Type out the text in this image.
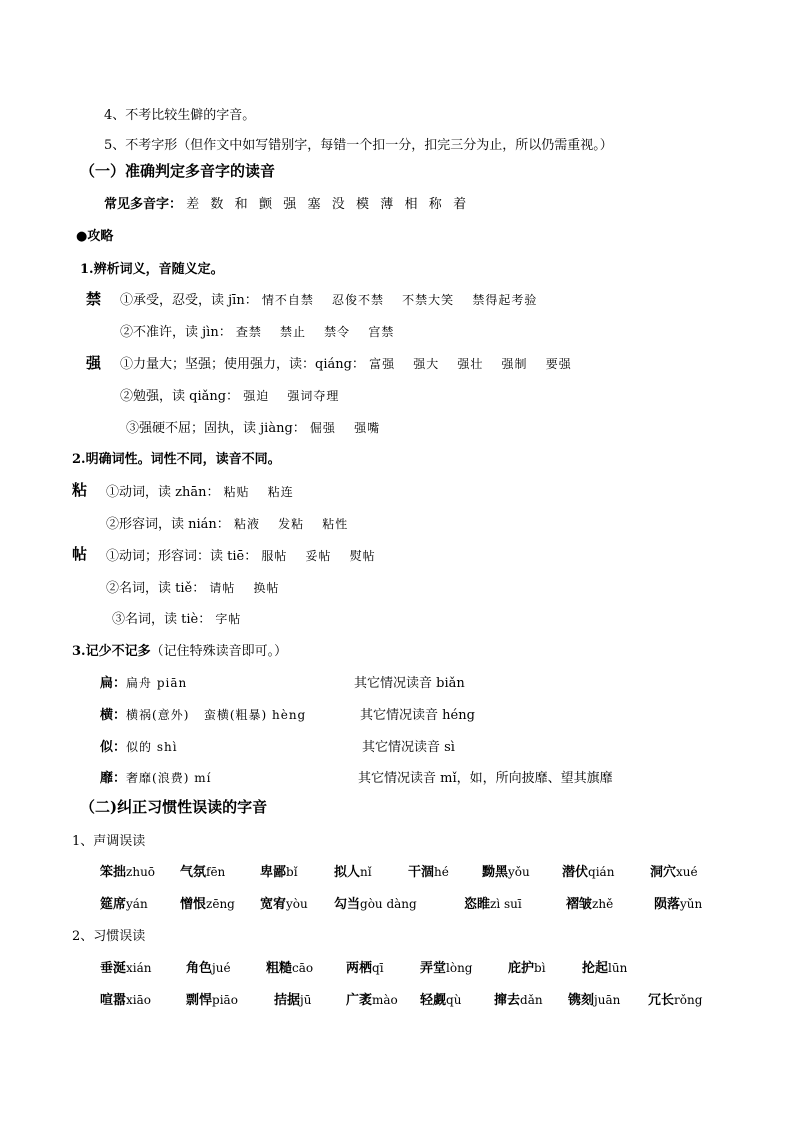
4、不考比较生僻的字音。
5、不考字形（但作文中如写错别字，每错一个扣一分，扣完三分为止，所以仍需重视。）
（一）准确判定多音字的读音
常见多音字： 差  数  和  颤  强  塞  没  模  薄  相  称  着
●攻略
1.辨析词义，音随义定。
禁 ①承受，忍受，读 jīn： 情不自禁 忍俊不禁 不禁大笑 禁得起考验
②不准许，读 jìn： 查禁 禁止 禁令 宫禁
强 ①力量大；坚强；使用强力，读：qiáng： 富强 强大 强壮 强制 要强
②勉强，读 qiǎng： 强迫 强词夺理
③强硬不屈；固执，读 jiàng： 倔强 强嘴
2.明确词性。词性不同，读音不同。
粘 ①动词，读 zhān： 粘贴 粘连
②形容词，读 nián： 粘液 发粘 粘性
帖 ①动词；形容词：读 tiē： 服帖 妥帖 熨帖
②名词，读 tiě： 请帖 换帖
③名词，读 tiè： 字帖
3.记少不记多（记住特殊读音即可。）
扁：扁舟 piān	其它情况读音 biǎn
横：横祸(意外)   蛮横(粗暴) hèng	其它情况读音 héng
似：似的 shì	其它情况读音 sì
靡：奢靡(浪费) mí	其它情况读音 mǐ，如，所向披靡、望其旗靡
（二)纠正习惯性误读的字音
1、声调误读
笨拙zhuō 气氛fēn	卑鄙bǐ	拟人nǐ	干涸hé	黝黑yǒu 潜伏qián	洞穴xué
筵席yán 憎恨zēng 宽宥yòu 勾当gòu dàng	恣睢zì suī	褶皱zhě	陨落yǔn
2、习惯误读
垂涎xián	角色jué	粗糙cāo	两栖qī	弄堂lòng	庇护bì	抡起lūn
喧嚣xiāo	剽悍piāo	拮据jū	广袤mào 轻觑qù	撺去dǎn 镌刻juān 冗长rǒng
